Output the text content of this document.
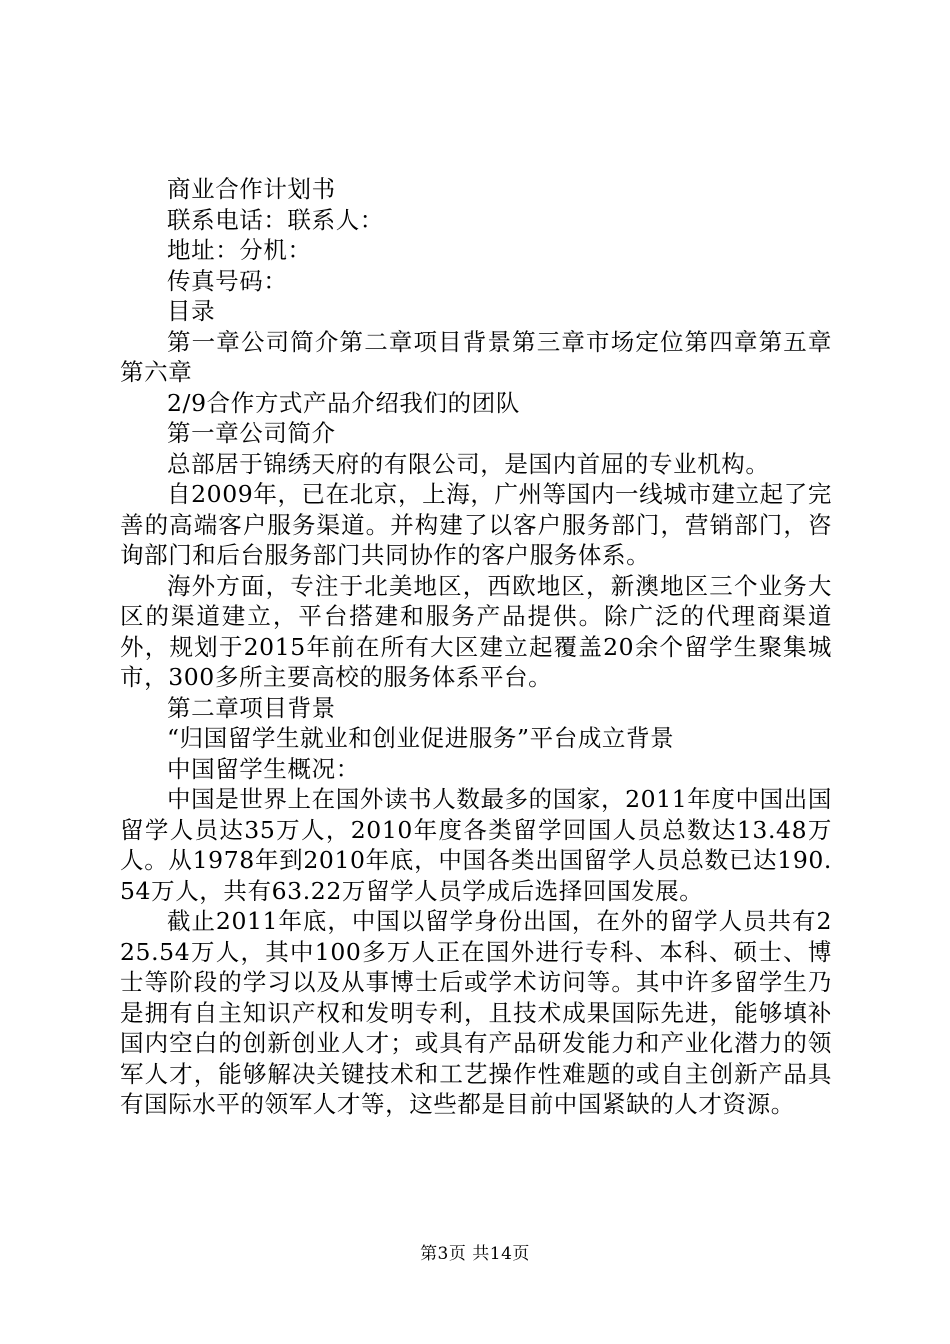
商业合作计划书

联系电话：联系人：

地址：分机：

传真号码：

目录

第一章公司简介第二章项目背景第三章市场定位第四章第五章第六章

2/9合作方式产品介绍我们的团队

第一章公司简介

总部居于锦绣天府的有限公司，是国内首屈的专业机构。

自2009年，已在北京，上海，广州等国内一线城市建立起了完善的高端客户服务渠道。并构建了以客户服务部门，营销部门，咨询部门和后台服务部门共同协作的客户服务体系。

海外方面，专注于北美地区，西欧地区，新澳地区三个业务大区的渠道建立，平台搭建和服务产品提供。除广泛的代理商渠道外，规划于2015年前在所有大区建立起覆盖20余个留学生聚集城市，300多所主要高校的服务体系平台。

第二章项目背景

“归国留学生就业和创业促进服务”平台成立背景

中国留学生概况：

中国是世界上在国外读书人数最多的国家，2011年度中国出国留学人员达35万人，2010年度各类留学回国人员总数达13.48万人。从1978年到2010年底，中国各类出国留学人员总数已达190.54万人，共有63.22万留学人员学成后选择回国发展。

截止2011年底，中国以留学身份出国，在外的留学人员共有225.54万人，其中100多万人正在国外进行专科、本科、硕士、博士等阶段的学习以及从事博士后或学术访问等。其中许多留学生乃是拥有自主知识产权和发明专利，且技术成果国际先进，能够填补国内空白的创新创业人才；或具有产品研发能力和产业化潜力的领军人才，能够解决关键技术和工艺操作性难题的或自主创新产品具有国际水平的领军人才等，这些都是目前中国紧缺的人才资源。

第3页 共14页
